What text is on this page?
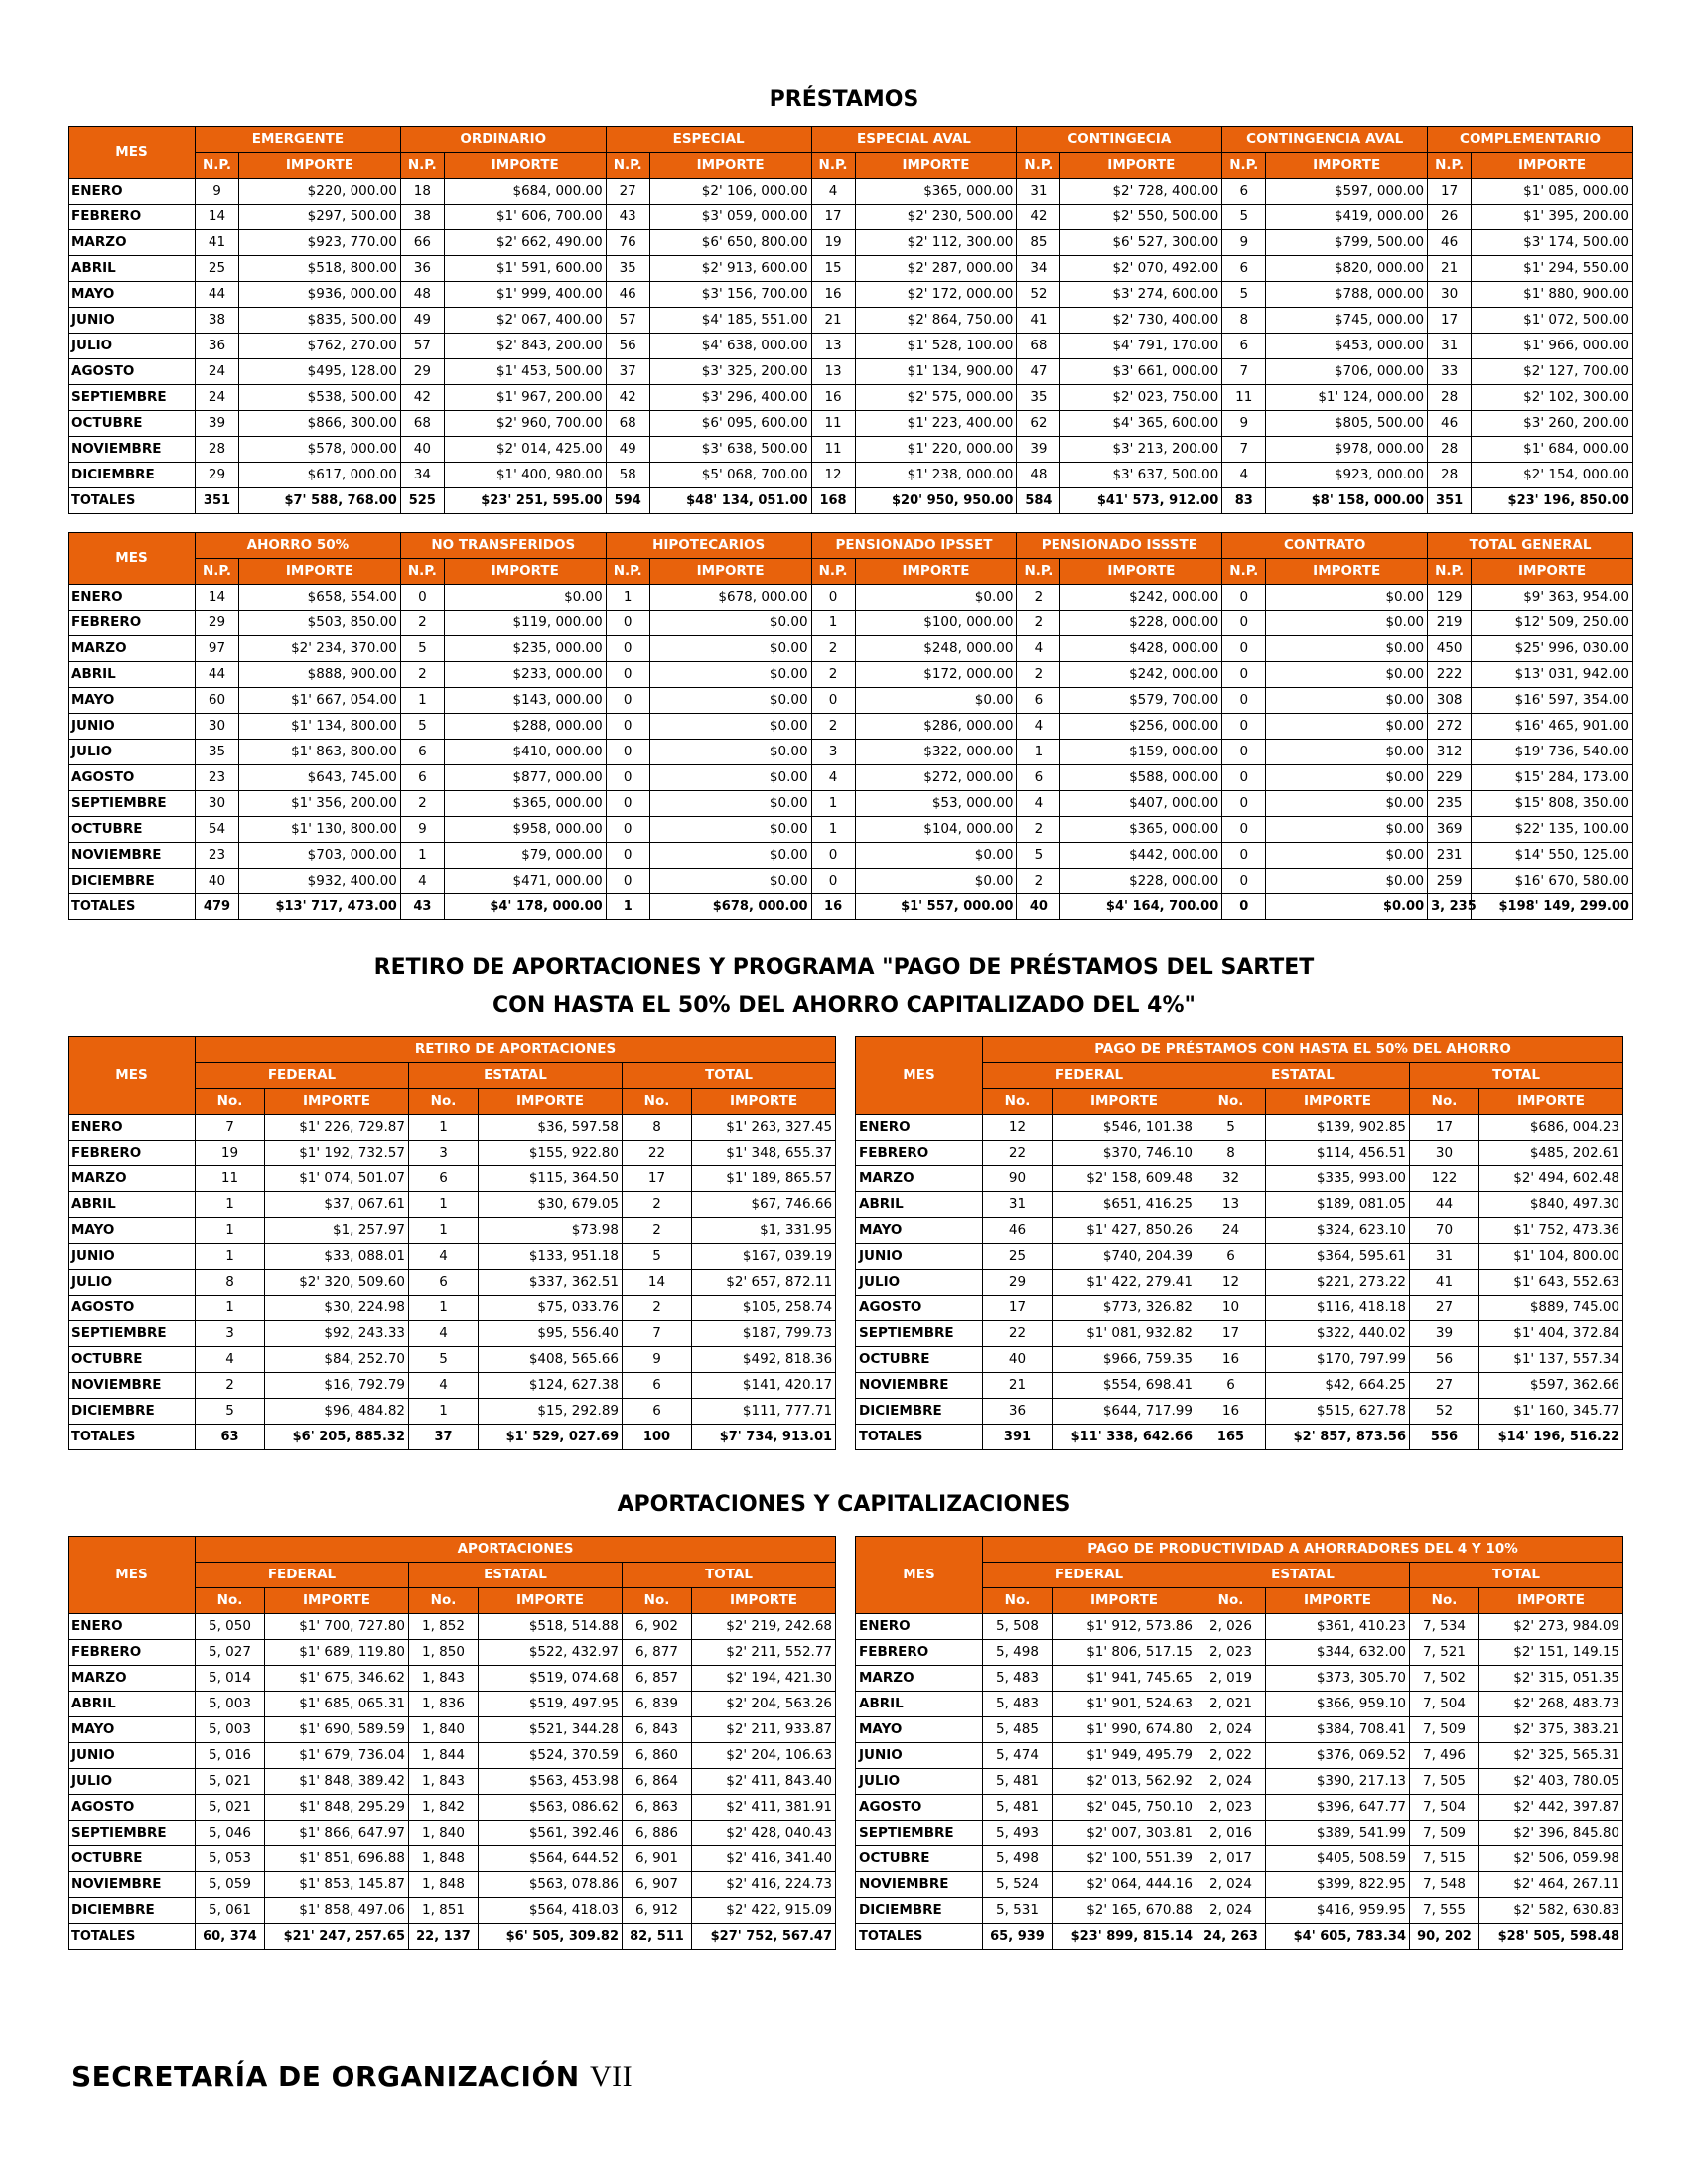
PRÉSTAMOS
MES	EMERGENTE		ORDINARIO		ESPECIAL		ESPECIAL AVAL		CONTINGECIA		CONTINGENCIA AVAL		COMPLEMENTARIO	
	N.P.	IMPORTE	N.P.	IMPORTE	N.P.	IMPORTE	N.P.	IMPORTE	N.P.	IMPORTE	N.P.	IMPORTE	N.P.	IMPORTE
ENERO	9	$220, 000.00	18	$684, 000.00	27	$2' 106, 000.00	4	$365, 000.00	31	$2' 728, 400.00	6	$597, 000.00	17	$1' 085, 000.00
FEBRERO	14	$297, 500.00	38	$1' 606, 700.00	43	$3' 059, 000.00	17	$2' 230, 500.00	42	$2' 550, 500.00	5	$419, 000.00	26	$1' 395, 200.00
MARZO	41	$923, 770.00	66	$2' 662, 490.00	76	$6' 650, 800.00	19	$2' 112, 300.00	85	$6' 527, 300.00	9	$799, 500.00	46	$3' 174, 500.00
ABRIL	25	$518, 800.00	36	$1' 591, 600.00	35	$2' 913, 600.00	15	$2' 287, 000.00	34	$2' 070, 492.00	6	$820, 000.00	21	$1' 294, 550.00
MAYO	44	$936, 000.00	48	$1' 999, 400.00	46	$3' 156, 700.00	16	$2' 172, 000.00	52	$3' 274, 600.00	5	$788, 000.00	30	$1' 880, 900.00
JUNIO	38	$835, 500.00	49	$2' 067, 400.00	57	$4' 185, 551.00	21	$2' 864, 750.00	41	$2' 730, 400.00	8	$745, 000.00	17	$1' 072, 500.00
JULIO	36	$762, 270.00	57	$2' 843, 200.00	56	$4' 638, 000.00	13	$1' 528, 100.00	68	$4' 791, 170.00	6	$453, 000.00	31	$1' 966, 000.00
AGOSTO	24	$495, 128.00	29	$1' 453, 500.00	37	$3' 325, 200.00	13	$1' 134, 900.00	47	$3' 661, 000.00	7	$706, 000.00	33	$2' 127, 700.00
SEPTIEMBRE	24	$538, 500.00	42	$1' 967, 200.00	42	$3' 296, 400.00	16	$2' 575, 000.00	35	$2' 023, 750.00	11	$1' 124, 000.00	28	$2' 102, 300.00
OCTUBRE	39	$866, 300.00	68	$2' 960, 700.00	68	$6' 095, 600.00	11	$1' 223, 400.00	62	$4' 365, 600.00	9	$805, 500.00	46	$3' 260, 200.00
NOVIEMBRE	28	$578, 000.00	40	$2' 014, 425.00	49	$3' 638, 500.00	11	$1' 220, 000.00	39	$3' 213, 200.00	7	$978, 000.00	28	$1' 684, 000.00
DICIEMBRE	29	$617, 000.00	34	$1' 400, 980.00	58	$5' 068, 700.00	12	$1' 238, 000.00	48	$3' 637, 500.00	4	$923, 000.00	28	$2' 154, 000.00
TOTALES	351	$7' 588, 768.00	525	$23' 251, 595.00	594	$48' 134, 051.00	168	$20' 950, 950.00	584	$41' 573, 912.00	83	$8' 158, 000.00	351	$23' 196, 850.00
MES	AHORRO 50%		NO TRANSFERIDOS		HIPOTECARIOS		PENSIONADO IPSSET		PENSIONADO ISSSTE		CONTRATO		TOTAL GENERAL	
	N.P.	IMPORTE	N.P.	IMPORTE	N.P.	IMPORTE	N.P.	IMPORTE	N.P.	IMPORTE	N.P.	IMPORTE	N.P.	IMPORTE
ENERO	14	$658, 554.00	0	$0.00	1	$678, 000.00	0	$0.00	2	$242, 000.00	0	$0.00	129	$9' 363, 954.00
FEBRERO	29	$503, 850.00	2	$119, 000.00	0	$0.00	1	$100, 000.00	2	$228, 000.00	0	$0.00	219	$12' 509, 250.00
MARZO	97	$2' 234, 370.00	5	$235, 000.00	0	$0.00	2	$248, 000.00	4	$428, 000.00	0	$0.00	450	$25' 996, 030.00
ABRIL	44	$888, 900.00	2	$233, 000.00	0	$0.00	2	$172, 000.00	2	$242, 000.00	0	$0.00	222	$13' 031, 942.00
MAYO	60	$1' 667, 054.00	1	$143, 000.00	0	$0.00	0	$0.00	6	$579, 700.00	0	$0.00	308	$16' 597, 354.00
JUNIO	30	$1' 134, 800.00	5	$288, 000.00	0	$0.00	2	$286, 000.00	4	$256, 000.00	0	$0.00	272	$16' 465, 901.00
JULIO	35	$1' 863, 800.00	6	$410, 000.00	0	$0.00	3	$322, 000.00	1	$159, 000.00	0	$0.00	312	$19' 736, 540.00
AGOSTO	23	$643, 745.00	6	$877, 000.00	0	$0.00	4	$272, 000.00	6	$588, 000.00	0	$0.00	229	$15' 284, 173.00
SEPTIEMBRE	30	$1' 356, 200.00	2	$365, 000.00	0	$0.00	1	$53, 000.00	4	$407, 000.00	0	$0.00	235	$15' 808, 350.00
OCTUBRE	54	$1' 130, 800.00	9	$958, 000.00	0	$0.00	1	$104, 000.00	2	$365, 000.00	0	$0.00	369	$22' 135, 100.00
NOVIEMBRE	23	$703, 000.00	1	$79, 000.00	0	$0.00	0	$0.00	5	$442, 000.00	0	$0.00	231	$14' 550, 125.00
DICIEMBRE	40	$932, 400.00	4	$471, 000.00	0	$0.00	0	$0.00	2	$228, 000.00	0	$0.00	259	$16' 670, 580.00
TOTALES	479	$13' 717, 473.00	43	$4' 178, 000.00	1	$678, 000.00	16	$1' 557, 000.00	40	$4' 164, 700.00	0	$0.00	3, 235	$198' 149, 299.00
RETIRO DE APORTACIONES Y PROGRAMA "PAGO DE PRÉSTAMOS DEL SARTET
CON HASTA EL 50% DEL AHORRO CAPITALIZADO DEL 4%"
MES	RETIRO DE APORTACIONES					
	FEDERAL		ESTATAL		TOTAL	
	No.	IMPORTE	No.	IMPORTE	No.	IMPORTE
ENERO	7	$1' 226, 729.87	1	$36, 597.58	8	$1' 263, 327.45
FEBRERO	19	$1' 192, 732.57	3	$155, 922.80	22	$1' 348, 655.37
MARZO	11	$1' 074, 501.07	6	$115, 364.50	17	$1' 189, 865.57
ABRIL	1	$37, 067.61	1	$30, 679.05	2	$67, 746.66
MAYO	1	$1, 257.97	1	$73.98	2	$1, 331.95
JUNIO	1	$33, 088.01	4	$133, 951.18	5	$167, 039.19
JULIO	8	$2' 320, 509.60	6	$337, 362.51	14	$2' 657, 872.11
AGOSTO	1	$30, 224.98	1	$75, 033.76	2	$105, 258.74
SEPTIEMBRE	3	$92, 243.33	4	$95, 556.40	7	$187, 799.73
OCTUBRE	4	$84, 252.70	5	$408, 565.66	9	$492, 818.36
NOVIEMBRE	2	$16, 792.79	4	$124, 627.38	6	$141, 420.17
DICIEMBRE	5	$96, 484.82	1	$15, 292.89	6	$111, 777.71
TOTALES	63	$6' 205, 885.32	37	$1' 529, 027.69	100	$7' 734, 913.01
MES	PAGO DE PRÉSTAMOS CON HASTA EL 50% DEL AHORRO					
	FEDERAL		ESTATAL		TOTAL	
	No.	IMPORTE	No.	IMPORTE	No.	IMPORTE
ENERO	12	$546, 101.38	5	$139, 902.85	17	$686, 004.23
FEBRERO	22	$370, 746.10	8	$114, 456.51	30	$485, 202.61
MARZO	90	$2' 158, 609.48	32	$335, 993.00	122	$2' 494, 602.48
ABRIL	31	$651, 416.25	13	$189, 081.05	44	$840, 497.30
MAYO	46	$1' 427, 850.26	24	$324, 623.10	70	$1' 752, 473.36
JUNIO	25	$740, 204.39	6	$364, 595.61	31	$1' 104, 800.00
JULIO	29	$1' 422, 279.41	12	$221, 273.22	41	$1' 643, 552.63
AGOSTO	17	$773, 326.82	10	$116, 418.18	27	$889, 745.00
SEPTIEMBRE	22	$1' 081, 932.82	17	$322, 440.02	39	$1' 404, 372.84
OCTUBRE	40	$966, 759.35	16	$170, 797.99	56	$1' 137, 557.34
NOVIEMBRE	21	$554, 698.41	6	$42, 664.25	27	$597, 362.66
DICIEMBRE	36	$644, 717.99	16	$515, 627.78	52	$1' 160, 345.77
TOTALES	391	$11' 338, 642.66	165	$2' 857, 873.56	556	$14' 196, 516.22
APORTACIONES Y CAPITALIZACIONES
MES	APORTACIONES					
	FEDERAL		ESTATAL		TOTAL	
	No.	IMPORTE	No.	IMPORTE	No.	IMPORTE
ENERO	5, 050	$1' 700, 727.80	1, 852	$518, 514.88	6, 902	$2' 219, 242.68
FEBRERO	5, 027	$1' 689, 119.80	1, 850	$522, 432.97	6, 877	$2' 211, 552.77
MARZO	5, 014	$1' 675, 346.62	1, 843	$519, 074.68	6, 857	$2' 194, 421.30
ABRIL	5, 003	$1' 685, 065.31	1, 836	$519, 497.95	6, 839	$2' 204, 563.26
MAYO	5, 003	$1' 690, 589.59	1, 840	$521, 344.28	6, 843	$2' 211, 933.87
JUNIO	5, 016	$1' 679, 736.04	1, 844	$524, 370.59	6, 860	$2' 204, 106.63
JULIO	5, 021	$1' 848, 389.42	1, 843	$563, 453.98	6, 864	$2' 411, 843.40
AGOSTO	5, 021	$1' 848, 295.29	1, 842	$563, 086.62	6, 863	$2' 411, 381.91
SEPTIEMBRE	5, 046	$1' 866, 647.97	1, 840	$561, 392.46	6, 886	$2' 428, 040.43
OCTUBRE	5, 053	$1' 851, 696.88	1, 848	$564, 644.52	6, 901	$2' 416, 341.40
NOVIEMBRE	5, 059	$1' 853, 145.87	1, 848	$563, 078.86	6, 907	$2' 416, 224.73
DICIEMBRE	5, 061	$1' 858, 497.06	1, 851	$564, 418.03	6, 912	$2' 422, 915.09
TOTALES	60, 374	$21' 247, 257.65	22, 137	$6' 505, 309.82	82, 511	$27' 752, 567.47
MES	PAGO DE PRODUCTIVIDAD A AHORRADORES DEL 4 Y 10%					
	FEDERAL		ESTATAL		TOTAL	
	No.	IMPORTE	No.	IMPORTE	No.	IMPORTE
ENERO	5, 508	$1' 912, 573.86	2, 026	$361, 410.23	7, 534	$2' 273, 984.09
FEBRERO	5, 498	$1' 806, 517.15	2, 023	$344, 632.00	7, 521	$2' 151, 149.15
MARZO	5, 483	$1' 941, 745.65	2, 019	$373, 305.70	7, 502	$2' 315, 051.35
ABRIL	5, 483	$1' 901, 524.63	2, 021	$366, 959.10	7, 504	$2' 268, 483.73
MAYO	5, 485	$1' 990, 674.80	2, 024	$384, 708.41	7, 509	$2' 375, 383.21
JUNIO	5, 474	$1' 949, 495.79	2, 022	$376, 069.52	7, 496	$2' 325, 565.31
JULIO	5, 481	$2' 013, 562.92	2, 024	$390, 217.13	7, 505	$2' 403, 780.05
AGOSTO	5, 481	$2' 045, 750.10	2, 023	$396, 647.77	7, 504	$2' 442, 397.87
SEPTIEMBRE	5, 493	$2' 007, 303.81	2, 016	$389, 541.99	7, 509	$2' 396, 845.80
OCTUBRE	5, 498	$2' 100, 551.39	2, 017	$405, 508.59	7, 515	$2' 506, 059.98
NOVIEMBRE	5, 524	$2' 064, 444.16	2, 024	$399, 822.95	7, 548	$2' 464, 267.11
DICIEMBRE	5, 531	$2' 165, 670.88	2, 024	$416, 959.95	7, 555	$2' 582, 630.83
TOTALES	65, 939	$23' 899, 815.14	24, 263	$4' 605, 783.34	90, 202	$28' 505, 598.48
SECRETARÍA DE ORGANIZACIÓN VII
